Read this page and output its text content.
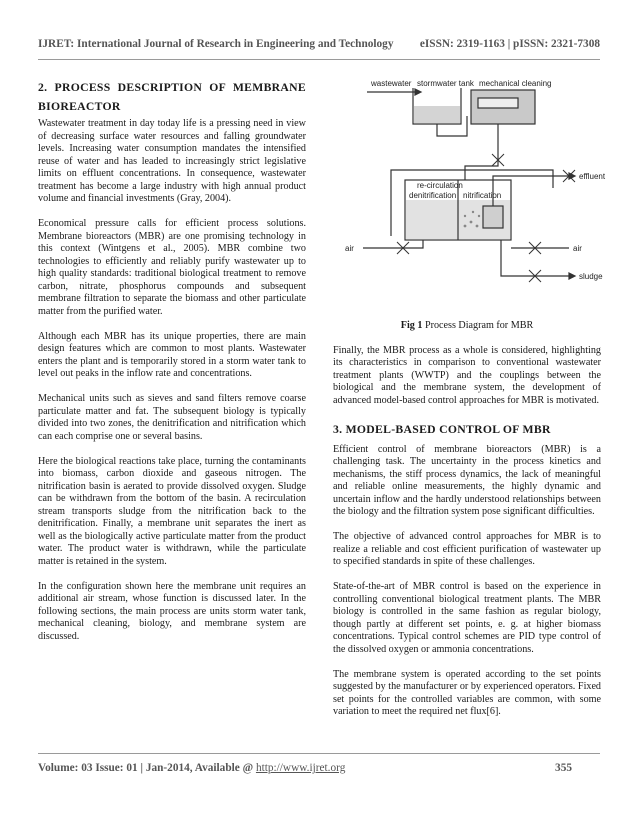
IJRET: International Journal of Research in Engineering and Technology eISSN: 2319-1163 | pISSN: 2321-7308
2. PROCESS DESCRIPTION OF MEMBRANE
BIOREACTOR

Wastewater treatment in day today life is a pressing need in view of decreasing surface water resources and falling groundwater levels. Increasing water consumption mandates the intensified reuse of water and has leaded to increasingly strict legislative limits on effluent concentrations. In consequence, wastewater treatment has become a large industry with high annual product volume and financial investments (Gray, 2004).

Economical pressure calls for efficient process solutions. Membrane bioreactors (MBR) are one promising technology in this context (Wintgens et al., 2005). MBR combine two technologies to efficiently and reliably purify wastewater up to high quality standards: traditional biological treatment to remove carbon, nitrate, phosphorus compounds and subsequent membrane filtration to separate the biomass and other particulate matter from the purified water.

Although each MBR has its unique properties, there are main design features which are common to most plants. Wastewater enters the plant and is temporarily stored in a storm water tank to level out peaks in the inflow rate and concentrations.

Mechanical units such as sieves and sand filters remove coarse particulate matter and fat. The subsequent biology is typically divided into two zones, the denitrification and nitrification which can each comprise one or several basins.

Here the biological reactions take place, turning the contaminants into biomass, carbon dioxide and gaseous nitrogen. The nitrification basin is aerated to provide dissolved oxygen. Sludge can be withdrawn from the bottom of the basin. A recirculation stream transports sludge from the nitrification back to the denitrification. Finally, a membrane unit separates the inert as well as the biologically active particulate matter from the product water. The product water is withdrawn, while the particulate matter is retained in the system.

In the configuration shown here the membrane unit requires an additional air stream, whose function is discussed later. In the following sections, the main process are units storm water tank, mechanical cleaning, biology, and membrane system are discussed.

wastewater stormwater tank mechanical cleaning
re-circulation
denitrification nitrification
effluent
air	air
sludge
Fig 1 Process Diagram for MBR

Finally, the MBR process as a whole is considered, highlighting its characteristics in comparison to conventional wastewater treatment plants (WWTP) and the couplings between the biological and the membrane system, the development of advanced model-based control approaches for MBR is motivated.

3. MODEL-BASED CONTROL OF MBR

Efficient control of membrane bioreactors (MBR) is a challenging task. The uncertainty in the process kinetics and mechanisms, the stiff process dynamics, the lack of meaningful and reliable online measurements, the highly dynamic and uncertain inflow and the hardly understood relationships between the biology and the filtration system pose significant difficulties.

The objective of advanced control approaches for MBR is to realize a reliable and cost efficient purification of wastewater up to specified standards in spite of these challenges.

State-of-the-art of MBR control is based on the experience in controlling conventional biological treatment plants. The MBR biology is controlled in the same fashion as regular biology, though partly at different set points, e. g. at higher biomass concentrations. Typical control schemes are PID type control of the dissolved oxygen or ammonia concentrations.

The membrane system is operated according to the set points suggested by the manufacturer or by experienced operators. Fixed set points for the controlled variables are common, with some variation to meet the required net flux[6].

Volume: 03 Issue: 01 | Jan-2014, Available @ http://www.ijret.org	355
